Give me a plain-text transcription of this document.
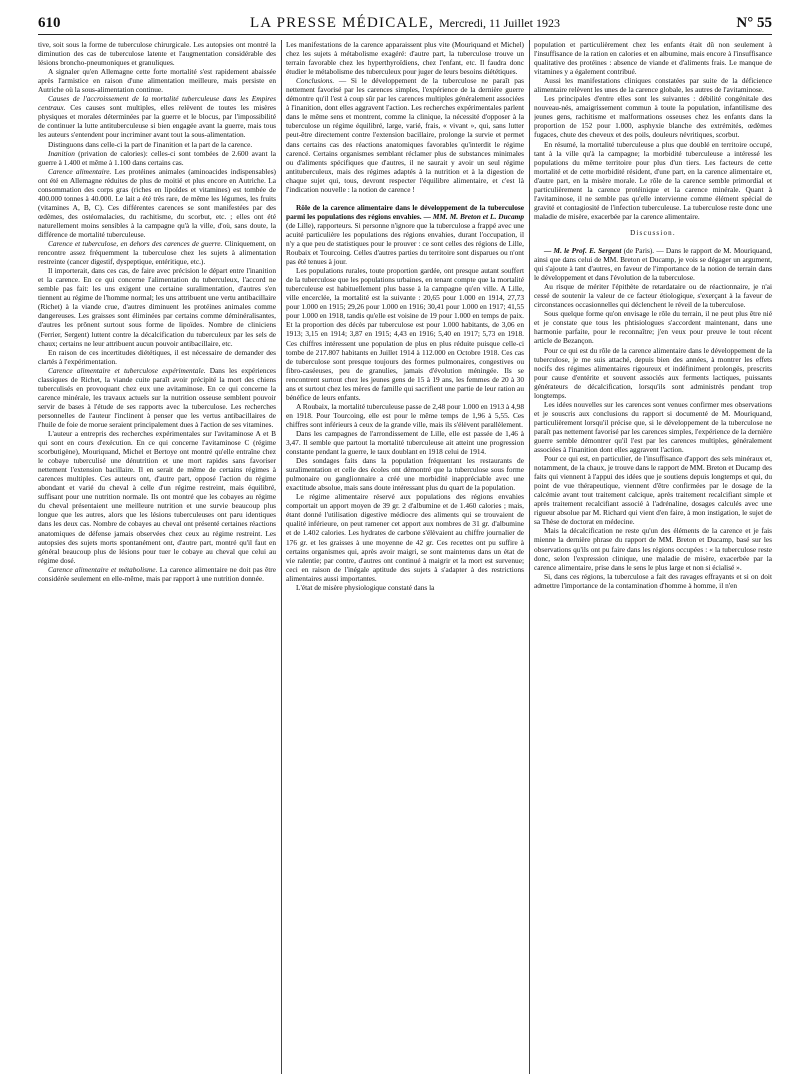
610	LA PRESSE MÉDICALE, Mercredi, 11 Juillet 1923	N° 55

tive, soit sous la forme de tuberculose chirurgicale. Les autopsies ont montré la diminution des cas de tuberculose latente et l'augmentation considérable des lésions broncho-pneumoniques et granuliques.

A signaler qu'en Allemagne cette forte mortalité s'est rapidement abaissée après l'armistice en raison d'une alimentation meilleure, mais persiste en Autriche où la sous-alimentation continue.

Causes de l'accroissement de la mortalité tuberculeuse dans les Empires centraux. Ces causes sont multiples, elles relèvent de toutes les misères physiques et morales déterminées par la guerre et le blocus, par l'impossibilité de continuer la lutte antituberculeuse si bien engagée avant la guerre, mais tous les auteurs s'entendent pour incriminer avant tout la sous-alimentation.

Distinguons dans celle-ci la part de l'inanition et la part de la carence.

Inanition (privation de calories): celles-ci sont tombées de 2.600 avant la guerre à 1.400 et même à 1.100 dans certains cas.

Carence alimentaire. Les protéines animales (aminoacides indispensables) ont été en Allemagne réduites de plus de moitié et plus encore en Autriche. La consommation des corps gras (riches en lipoïdes et vitamines) est tombée de 400.000 tonnes à 40.000. Le lait a été très rare, de même les légumes, les fruits (vitamines A, B, C). Ces différentes carences se sont manifestées par des œdèmes, des ostéomalacies, du rachitisme, du scorbut, etc. ; elles ont été naturellement moins sensibles à la campagne qu'à la ville, d'où, sans doute, la différence de mortalité tuberculeuse.

Carence et tuberculose, en dehors des carences de guerre. Cliniquement, on rencontre assez fréquemment la tuberculose chez les sujets à alimentation restreinte (cancer digestif, dyspeptique, entéritique, etc.).

Il importerait, dans ces cas, de faire avec précision le départ entre l'inanition et la carence. En ce qui concerne l'alimentation du tuberculeux, l'accord ne semble pas fait: les uns exigent une certaine suralimentation, d'autres s'en tiennent au régime de l'homme normal; les uns attribuent une vertu antibacillaire (Richet) à la viande crue, d'autres diminuent les protéines animales comme dangereuses. Les graisses sont éliminées par certains comme déminéralisantes, d'autres les prônent surtout sous forme de lipoïdes. Nombre de cliniciens (Ferrier, Sergent) luttent contre la décalcification du tuberculeux par les sels de chaux; certains ne leur attribuent aucun pouvoir antibacillaire, etc.

En raison de ces incertitudes diététiques, il est nécessaire de demander des clartés à l'expérimentation.

Carence alimentaire et tuberculose expérimentale. Dans les expériences classiques de Richet, la viande cuite paraît avoir précipité la mort des chiens tuberculisés en provoquant chez eux une avitaminose. En ce qui concerne la carence minérale, les travaux actuels sur la nutrition osseuse semblent pouvoir servir de bases à l'étude de ses rapports avec la tuberculose. Les recherches personnelles de l'auteur l'inclinent à penser que les vertus antibacillaires de l'huile de foie de morue seraient principalement dues à l'action de ses vitamines.

L'auteur a entrepris des recherches expérimentales sur l'avitaminose A et B qui sont en cours d'exécution. En ce qui concerne l'avitaminose C (régime scorbutigène), Mouriquand, Michel et Bertoye ont montré qu'elle entraîne chez le cobaye tuberculisé une dénutrition et une mort rapides sans favoriser nettement l'extension bacillaire. Il en serait de même de certains régimes à carences multiples. Ces auteurs ont, d'autre part, opposé l'action du régime abondant et varié du cheval à celle d'un régime restreint, mais équilibré, suffisant pour une nutrition normale. Ils ont montré que les cobayes au régime du cheval présentaient une meilleure nutrition et une survie beaucoup plus longue que les autres, alors que les lésions tuberculeuses ont paru identiques dans les deux cas. Nombre de cobayes au cheval ont présenté certaines réactions anatomiques de défense jamais observées chez ceux au régime restreint. Les autopsies des sujets morts spontanément ont, d'autre part, montré qu'il faut en général beaucoup plus de lésions pour tuer le cobaye au cheval que celui au régime dosé.

Carence alimentaire et métabolisme. La carence alimentaire ne doit pas être considérée seulement en elle-même, mais par rapport à une nutrition donnée.

Les manifestations de la carence apparaissent plus vite (Mouriquand et Michel) chez les sujets à métabolisme exagéré: d'autre part, la tuberculose trouve un terrain favorable chez les hyperthyroïdiens, chez l'enfant, etc. Il faudra donc étudier le métabolisme des tuberculeux pour juger de leurs besoins diététiques.

Conclusions. — Si le développement de la tuberculose ne paraît pas nettement favorisé par les carences simples, l'expérience de la dernière guerre démontre qu'il l'est à coup sûr par les carences multiples généralement associées à l'inanition, dont elles aggravent l'action. Les recherches expérimentales parlent dans le même sens et montrent, comme la clinique, la nécessité d'opposer à la tuberculose un régime équilibré, large, varié, frais, « vivant », qui, sans lutter peut-être directement contre l'extension bacillaire, prolonge la survie et permet dans certains cas des réactions anatomiques favorables qu'interdit le régime carencé. Certains organismes semblant réclamer plus de substances minimales ou d'aliments spécifiques que d'autres, il ne saurait y avoir un seul régime antituberculeux, mais des régimes adaptés à la nutrition et à la digestion de chaque sujet qui, tous, devront respecter l'équilibre alimentaire, et c'est là l'indication nouvelle : la notion de carence !

Rôle de la carence alimentaire dans le développement de la tuberculose parmi les populations des régions envahies. — MM. M. Breton et L. Ducamp (de Lille), rapporteurs. Si personne n'ignore que la tuberculose a frappé avec une acuité particulière les populations des régions envahies, durant l'occupation, il n'y a que peu de statistiques pour le prouver : ce sont celles des régions de Lille, Roubaix et Tourcoing. Celles d'autres parties du territoire sont disparues ou n'ont pas été tenues à jour.

Les populations rurales, toute proportion gardée, ont presque autant souffert de la tuberculose que les populations urbaines, en tenant compte que la mortalité tuberculeuse est habituellement plus basse à la campagne qu'en ville. A Lille, ville encerclée, la mortalité est la suivante : 20,65 pour 1.000 en 1914, 27,73 pour 1.000 en 1915; 29,26 pour 1.000 en 1916; 30,41 pour 1.000 en 1917; 41,55 pour 1.000 en 1918, tandis qu'elle est voisine de 19 pour 1.000 en temps de paix. Et la proportion des décès par tuberculose est pour 1.000 habitants, de 3,06 en 1913; 3,15 en 1914; 3,87 en 1915; 4,43 en 1916; 5,40 en 1917; 5,73 en 1918. Ces chiffres intéressent une population de plus en plus réduite puisque celle-ci tombe de 217.807 habitants en Juillet 1914 à 112.000 en Octobre 1918. Ces cas de tuberculose sont presque toujours des formes pulmonaires, congestives ou fibro-caséeuses, peu de granulies, jamais d'évolution méningée. Ils se rencontrent surtout chez les jeunes gens de 15 à 19 ans, les femmes de 20 à 30 ans et surtout chez les mères de famille qui sacrifient une partie de leur ration au bénéfice de leurs enfants.

A Roubaix, la mortalité tuberculeuse passe de 2,48 pour 1.000 en 1913 à 4,98 en 1918. Pour Tourcoing, elle est pour le même temps de 1,96 à 5,55. Ces chiffres sont inférieurs à ceux de la grande ville, mais ils s'élèvent parallèlement.

Dans les campagnes de l'arrondissement de Lille, elle est passée de 1,46 à 3,47. Il semble que partout la mortalité tuberculeuse ait atteint une progression constante pendant la guerre, le taux doublant en 1918 celui de 1914.

Des sondages faits dans la population fréquentant les restaurants de suralimentation et celle des écoles ont démontré que la tuberculose sous forme pulmonaire ou ganglionnaire a créé une morbidité inappréciable avec une exactitude absolue, mais sans doute intéressant plus du quart de la population.

Le régime alimentaire réservé aux populations des régions envahies comportait un apport moyen de 39 gr. 2 d'albumine et de 1.460 calories ; mais, étant donné l'utilisation digestive médiocre des aliments qui se trouvaient de qualité inférieure, on peut ramener cet apport aux nombres de 31 gr. d'albumine et de 1.402 calories. Les hydrates de carbone s'élèvaient au chiffre journalier de 176 gr. et les graisses à une moyenne de 42 gr. Ces recettes ont pu suffire à certains organismes qui, après avoir maigri, se sont maintenus dans un état de vie ralentie; par contre, d'autres ont continué à maigrir et la mort est survenue; ceci en raison de l'inégale aptitude des sujets à s'adapter à des restrictions alimentaires aussi importantes.

L'état de misère physiologique constaté dans la

population et particulièrement chez les enfants était dû non seulement à l'insuffisance de la ration en calories et en albumine, mais encore à l'insuffisance qualitative des protéines : absence de viande et d'aliments frais. Le manque de vitamines y a également contribué.

Aussi les manifestations cliniques constatées par suite de la déficience alimentaire relèvent les unes de la carence globale, les autres de l'avitaminose.

Les principales d'entre elles sont les suivantes : débilité congénitale des nouveau-nés, amaigrissement commun à toute la population, infantilisme des jeunes gens, rachitisme et malformations osseuses chez les enfants dans la proportion de 152 pour 1.000, asphyxie blanche des extrémités, œdèmes fugaces, chute des cheveux et des poils, douleurs névritiques, scorbut.

En résumé, la mortalité tuberculeuse a plus que doublé en territoire occupé, tant à la ville qu'à la campagne; la morbidité tuberculeuse a intéressé les populations du même territoire pour plus d'un tiers. Les facteurs de cette mortalité et de cette morbidité résident, d'une part, en la carence alimentaire et, d'autre part, en la misère morale. Le rôle de la carence semble primordial et particulièrement la carence protéinique et la carence minérale. Quant à l'avitaminose, il ne semble pas qu'elle intervienne comme élément spécial de gravité et contagiosité de l'infection tuberculeuse. La tuberculose reste donc une maladie de misère, exacerbée par la carence alimentaire.

Discussion.

— M. le Prof. E. Sergent (de Paris). — Dans le rapport de M. Mouriquand, ainsi que dans celui de MM. Breton et Ducamp, je vois se dégager un argument, qui s'ajoute à tant d'autres, en faveur de l'importance de la notion de terrain dans le développement et dans l'évolution de la tuberculose.

Au risque de mériter l'épithète de retardataire ou de réactionnaire, je n'ai cessé de soutenir la valeur de ce facteur étiologique, s'exerçant à la faveur de circonstances occasionnelles qui déclenchent le réveil de la tuberculose.

Sous quelque forme qu'on envisage le rôle du terrain, il ne peut plus être nié et je constate que tous les phtisiologues s'accordent maintenant, dans une harmonie parfaite, pour le reconnaître; j'en veux pour preuve le tout récent article de Bezançon.

Pour ce qui est du rôle de la carence alimentaire dans le développement de la tuberculose, je me suis attaché, depuis bien des années, à montrer les effets nocifs des régimes alimentaires rigoureux et indéfiniment prolongés, prescrits pour cause d'entérite et souvent associés aux ferments lactiques, puissants générateurs de décalcification, lorsqu'ils sont administrés pendant trop longtemps.

Les idées nouvelles sur les carences sont venues confirmer mes observations et je souscris aux conclusions du rapport si documenté de M. Mouriquand, particulièrement lorsqu'il précise que, si le développement de la tuberculose ne paraît pas nettement favorisé par les carences simples, l'expérience de la dernière guerre semble démontrer qu'il l'est par les carences multiples, généralement associées à l'inanition dont elles aggravent l'action.

Pour ce qui est, en particulier, de l'insuffisance d'apport des sels minéraux et, notamment, de la chaux, je trouve dans le rapport de MM. Breton et Ducamp des faits qui viennent à l'appui des idées que je soutiens depuis longtemps et qui, du point de vue thérapeutique, viennent d'être confirmées par le dosage de la calcémie avant tout traitement calcique, après traitement recalcifiant simple et après traitement recalcifiant associé à l'adrénaline, dosages calculés avec une rigueur absolue par M. Richard qui vient d'en faire, à mon instigation, le sujet de sa Thèse de doctorat en médecine.

Mais la décalcification ne reste qu'un des éléments de la carence et je fais mienne la dernière phrase du rapport de MM. Breton et Ducamp, basé sur les observations qu'ils ont pu faire dans les régions occupées : « la tuberculose reste donc, selon l'expression clinique, une maladie de misère, exacerbée par la carence alimentaire, prise dans le sens le plus large et non si écialisé ».

Si, dans ces régions, la tuberculose a fait des ravages effrayants et si on doit admettre l'importance de la contamination d'homme à homme, il n'en
